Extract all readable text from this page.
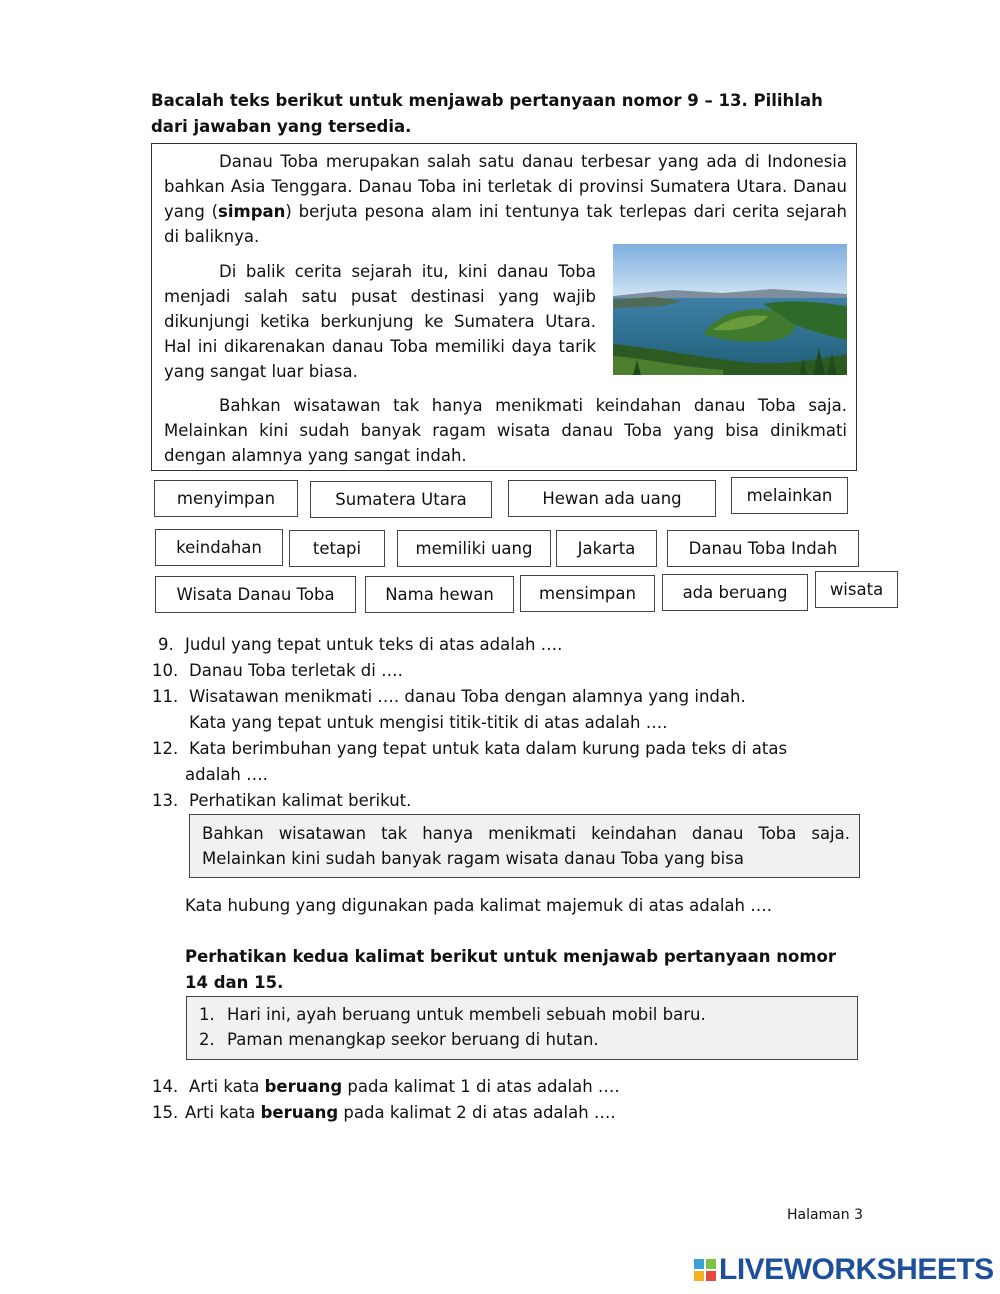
Bacalah teks berikut untuk menjawab pertanyaan nomor 9 – 13. Pilihlah dari jawaban yang tersedia.
Danau Toba merupakan salah satu danau terbesar yang ada di Indonesia bahkan Asia Tenggara. Danau Toba ini terletak di provinsi Sumatera Utara. Danau yang (simpan) berjuta pesona alam ini tentunya tak terlepas dari cerita sejarah di baliknya.
Di balik cerita sejarah itu, kini danau Toba menjadi salah satu pusat destinasi yang wajib dikunjungi ketika berkunjung ke Sumatera Utara. Hal ini dikarenakan danau Toba memiliki daya tarik yang sangat luar biasa.
Bahkan wisatawan tak hanya menikmati keindahan danau Toba saja. Melainkan kini sudah banyak ragam wisata danau Toba yang bisa dinikmati dengan alamnya yang sangat indah.
menyimpan	Sumatera Utara	Hewan ada uang	melainkan
keindahan	tetapi	memiliki uang	Jakarta	Danau Toba Indah
Wisata Danau Toba	Nama hewan	mensimpan	ada beruang	wisata
9. Judul yang tepat untuk teks di atas adalah ….
10. Danau Toba terletak di ….
11. Wisatawan menikmati …. danau Toba dengan alamnya yang indah.
Kata yang tepat untuk mengisi titik-titik di atas adalah ….
12. Kata berimbuhan yang tepat untuk kata dalam kurung pada teks di atas
adalah ….
13. Perhatikan kalimat berikut.
Bahkan wisatawan tak hanya menikmati keindahan danau Toba saja. Melainkan kini sudah banyak ragam wisata danau Toba yang bisa
Kata hubung yang digunakan pada kalimat majemuk di atas adalah ….
Perhatikan kedua kalimat berikut untuk menjawab pertanyaan nomor 14 dan 15.
1. Hari ini, ayah beruang untuk membeli sebuah mobil baru.
2. Paman menangkap seekor beruang di hutan.
14. Arti kata beruang pada kalimat 1 di atas adalah ….
15. Arti kata beruang pada kalimat 2 di atas adalah ….
Halaman 3
LIVEWORKSHEETS
